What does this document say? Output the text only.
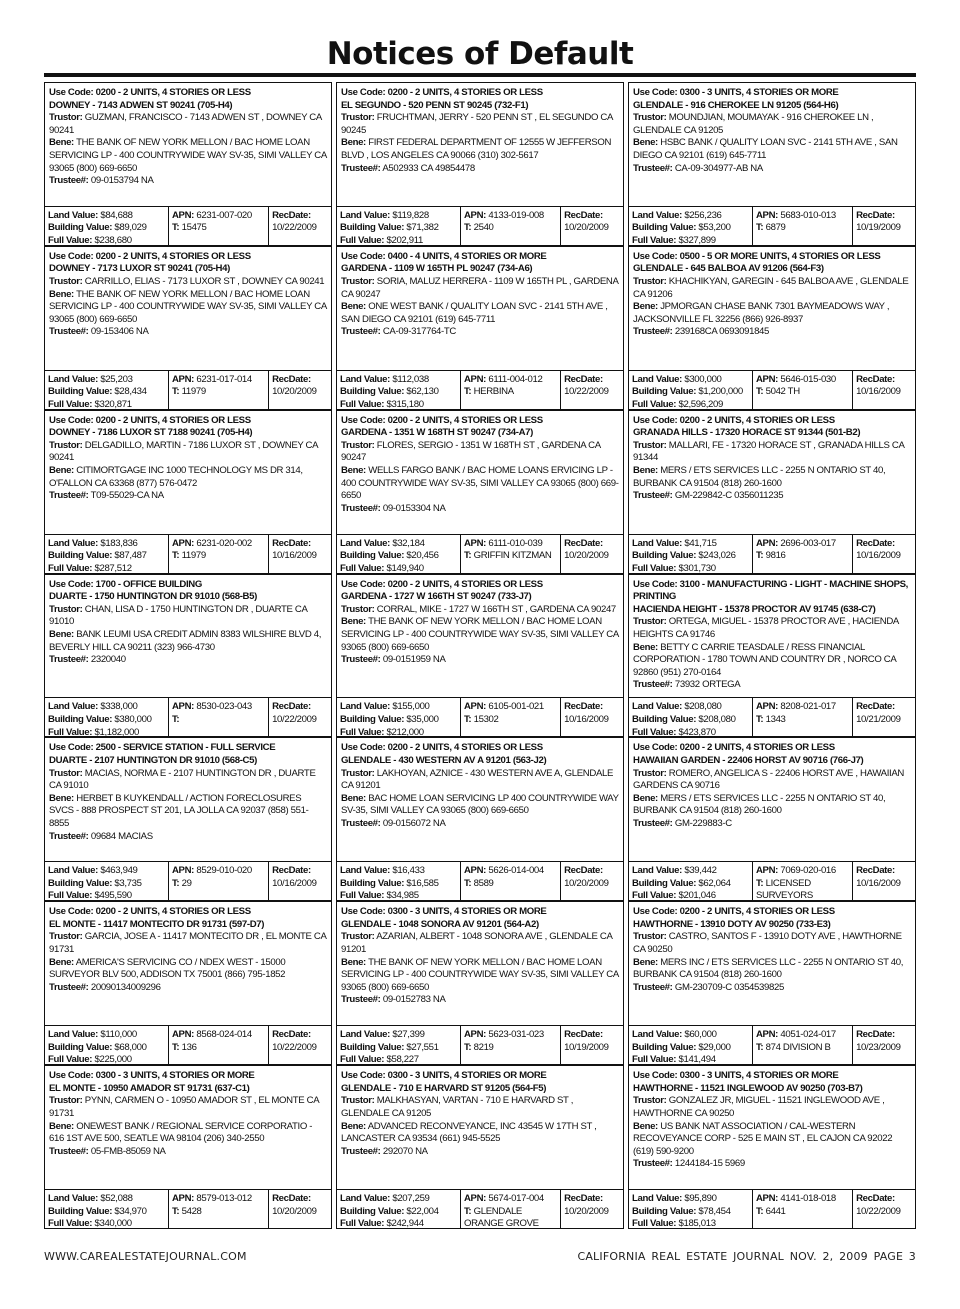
Notices of Default
Use Code: 0200 - 2 UNITS, 4 STORIES OR LESS
DOWNEY - 7143 ADWEN ST 90241 (705-H4)
Trustor: GUZMAN, FRANCISCO - 7143 ADWEN ST , DOWNEY CA 90241
Bene: THE BANK OF NEW YORK MELLON / BAC HOME LOAN SERVICING LP - 400 COUNTRYWIDE WAY SV-35, SIMI VALLEY CA 93065 (800) 669-6650
Trustee#: 09-0153794 NA
Land Value: $84,688
Building Value: $89,029
Full Value: $238,680
APN: 6231-007-020
T: 15475
RecDate:
10/22/2009
Use Code: 0200 - 2 UNITS, 4 STORIES OR LESS
EL SEGUNDO - 520 PENN ST 90245 (732-F1)
Trustor: FRUCHTMAN, JERRY - 520 PENN ST , EL SEGUNDO CA 90245
Bene: FIRST FEDERAL DEPARTMENT OF 12555 W JEFFERSON BLVD , LOS ANGELES CA 90066 (310) 302-5617
Trustee#: A502933 CA 49854478
Land Value: $119,828
Building Value: $71,382
Full Value: $202,911
APN: 4133-019-008
T: 2540
RecDate:
10/20/2009
Use Code: 0300 - 3 UNITS, 4 STORIES OR MORE
GLENDALE - 916 CHEROKEE LN 91205 (564-H6)
Trustor: MOUNDJIAN, MOUMAYAK - 916 CHEROKEE LN , GLENDALE CA 91205
Bene: HSBC BANK / QUALITY LOAN SVC - 2141 5TH AVE , SAN DIEGO CA 92101 (619) 645-7711
Trustee#: CA-09-304977-AB NA
Land Value: $256,236
Building Value: $53,200
Full Value: $327,899
APN: 5683-010-013
T: 6879
RecDate:
10/19/2009
Use Code: 0200 - 2 UNITS, 4 STORIES OR LESS
DOWNEY - 7173 LUXOR ST 90241 (705-H4)
Trustor: CARRILLO, ELIAS - 7173 LUXOR ST , DOWNEY CA 90241
Bene: THE BANK OF NEW YORK MELLON / BAC HOME LOAN SERVICING LP - 400 COUNTRYWIDE WAY SV-35, SIMI VALLEY CA 93065 (800) 669-6650
Trustee#: 09-153406 NA
Land Value: $25,203
Building Value: $28,434
Full Value: $320,871
APN: 6231-017-014
T: 11979
RecDate:
10/20/2009
Use Code: 0400 - 4 UNITS, 4 STORIES OR MORE
GARDENA - 1109 W 165TH PL 90247 (734-A6)
Trustor: SORIA, MALUZ HERRERA - 1109 W 165TH PL , GARDENA CA 90247
Bene: ONE WEST BANK / QUALITY LOAN SVC - 2141 5TH AVE , SAN DIEGO CA 92101 (619) 645-7711
Trustee#: CA-09-317764-TC
Land Value: $112,038
Building Value: $62,130
Full Value: $315,180
APN: 6111-004-012
T: HERBINA
RecDate:
10/22/2009
Use Code: 0500 - 5 OR MORE UNITS, 4 STORIES OR LESS
GLENDALE - 645 BALBOA AV 91206 (564-F3)
Trustor: KHACHIKYAN, GAREGIN - 645 BALBOA AVE , GLENDALE CA 91206
Bene: JPMORGAN CHASE BANK 7301 BAYMEADOWS WAY , JACKSONVILLE FL 32256 (866) 926-8937
Trustee#: 239168CA 0693091845
Land Value: $300,000
Building Value: $1,200,000
Full Value: $2,596,209
APN: 5646-015-030
T: 5042 TH
RecDate:
10/16/2009
Use Code: 0200 - 2 UNITS, 4 STORIES OR LESS
DOWNEY - 7186 LUXOR ST 7188 90241 (705-H4)
Trustor: DELGADILLO, MARTIN - 7186 LUXOR ST , DOWNEY CA 90241
Bene: CITIMORTGAGE INC 1000 TECHNOLOGY MS DR 314, O'FALLON CA 63368 (877) 576-0472
Trustee#: T09-55029-CA NA
Land Value: $183,836
Building Value: $87,487
Full Value: $287,512
APN: 6231-020-002
T: 11979
RecDate:
10/16/2009
Use Code: 0200 - 2 UNITS, 4 STORIES OR LESS
GARDENA - 1351 W 168TH ST 90247 (734-A7)
Trustor: FLORES, SERGIO - 1351 W 168TH ST , GARDENA CA 90247
Bene: WELLS FARGO BANK / BAC HOME LOANS ERVICING LP - 400 COUNTRYWIDE WAY SV-35, SIMI VALLEY CA 93065 (800) 669-6650
Trustee#: 09-0153304 NA
Land Value: $32,184
Building Value: $20,456
Full Value: $149,940
APN: 6111-010-039
T: GRIFFIN KITZMAN
RecDate:
10/20/2009
Use Code: 0200 - 2 UNITS, 4 STORIES OR LESS
GRANADA HILLS - 17320 HORACE ST 91344 (501-B2)
Trustor: MALLARI, FE - 17320 HORACE ST , GRANADA HILLS CA 91344
Bene: MERS / ETS SERVICES LLC - 2255 N ONTARIO ST 40, BURBANK CA 91504 (818) 260-1600
Trustee#: GM-229842-C 0356011235
Land Value: $41,715
Building Value: $243,026
Full Value: $301,730
APN: 2696-003-017
T: 9816
RecDate:
10/16/2009
Use Code: 1700 - OFFICE BUILDING
DUARTE - 1750 HUNTINGTON DR 91010 (568-B5)
Trustor: CHAN, LISA D - 1750 HUNTINGTON DR , DUARTE CA 91010
Bene: BANK LEUMI USA CREDIT ADMIN 8383 WILSHIRE BLVD 4, BEVERLY HILL CA 90211 (323) 966-4730
Trustee#: 2320040
Land Value: $338,000
Building Value: $380,000
Full Value: $1,182,000
APN: 8530-023-043
T:
RecDate:
10/22/2009
Use Code: 0200 - 2 UNITS, 4 STORIES OR LESS
GARDENA - 1727 W 166TH ST 90247 (733-J7)
Trustor: CORRAL, MIKE - 1727 W 166TH ST , GARDENA CA 90247
Bene: THE BANK OF NEW YORK MELLON / BAC HOME LOAN SERVICING LP - 400 COUNTRYWIDE WAY SV-35, SIMI VALLEY CA 93065 (800) 669-6650
Trustee#: 09-0151959 NA
Land Value: $155,000
Building Value: $35,000
Full Value: $212,000
APN: 6105-001-021
T: 15302
RecDate:
10/16/2009
Use Code: 3100 - MANUFACTURING - LIGHT - MACHINE SHOPS, PRINTING
HACIENDA HEIGHT - 15378 PROCTOR AV 91745 (638-C7)
Trustor: ORTEGA, MIGUEL - 15378 PROCTOR AVE , HACIENDA HEIGHTS CA 91746
Bene: BETTY C CARRIE TEASDALE / RESS FINANCIAL CORPORATION - 1780 TOWN AND COUNTRY DR , NORCO CA 92860 (951) 270-0164
Trustee#: 73932 ORTEGA
Land Value: $208,080
Building Value: $208,080
Full Value: $423,870
APN: 8208-021-017
T: 1343
RecDate:
10/21/2009
Use Code: 2500 - SERVICE STATION - FULL SERVICE
DUARTE - 2107 HUNTINGTON DR 91010 (568-C5)
Trustor: MACIAS, NORMA E - 2107 HUNTINGTON DR , DUARTE CA 91010
Bene: HERBET B KUYKENDALL / ACTION FORECLOSURES SVCS - 888 PROSPECT ST 201, LA JOLLA CA 92037 (858) 551-8855
Trustee#: 09684 MACIAS
Land Value: $463,949
Building Value: $3,735
Full Value: $495,590
APN: 8529-010-020
T: 29
RecDate:
10/16/2009
Use Code: 0200 - 2 UNITS, 4 STORIES OR LESS
GLENDALE - 430 WESTERN AV A 91201 (563-J2)
Trustor: LAKHOYAN, AZNICE - 430 WESTERN AVE A, GLENDALE CA 91201
Bene: BAC HOME LOAN SERVICING LP 400 COUNTRYWIDE WAY SV-35, SIMI VALLEY CA 93065 (800) 669-6650
Trustee#: 09-0156072 NA
Land Value: $16,433
Building Value: $16,585
Full Value: $34,985
APN: 5626-014-004
T: 8589
RecDate:
10/20/2009
Use Code: 0200 - 2 UNITS, 4 STORIES OR LESS
HAWAIIAN GARDEN - 22406 HORST AV 90716 (766-J7)
Trustor: ROMERO, ANGELICA S - 22406 HORST AVE , HAWAIIAN GARDENS CA 90716
Bene: MERS / ETS SERVICES LLC - 2255 N ONTARIO ST 40, BURBANK CA 91504 (818) 260-1600
Trustee#: GM-229883-C
Land Value: $39,442
Building Value: $62,064
Full Value: $201,046
APN: 7069-020-016
T: LICENSED SURVEYORS
RecDate:
10/16/2009
Use Code: 0200 - 2 UNITS, 4 STORIES OR LESS
EL MONTE - 11417 MONTECITO DR 91731 (597-D7)
Trustor: GARCIA, JOSE A - 11417 MONTECITO DR , EL MONTE CA 91731
Bene: AMERICA'S SERVICING CO / NDEX WEST - 15000 SURVEYOR BLV 500, ADDISON TX 75001 (866) 795-1852
Trustee#: 20090134009296
Land Value: $110,000
Building Value: $68,000
Full Value: $225,000
APN: 8568-024-014
T: 136
RecDate:
10/22/2009
Use Code: 0300 - 3 UNITS, 4 STORIES OR MORE
GLENDALE - 1048 SONORA AV 91201 (564-A2)
Trustor: AZARIAN, ALBERT - 1048 SONORA AVE , GLENDALE CA 91201
Bene: THE BANK OF NEW YORK MELLON / BAC HOME LOAN SERVICING LP - 400 COUNTRYWIDE WAY SV-35, SIMI VALLEY CA 93065 (800) 669-6650
Trustee#: 09-0152783 NA
Land Value: $27,399
Building Value: $27,551
Full Value: $58,227
APN: 5623-031-023
T: 8219
RecDate:
10/19/2009
Use Code: 0200 - 2 UNITS, 4 STORIES OR LESS
HAWTHORNE - 13910 DOTY AV 90250 (733-E3)
Trustor: CASTRO, SANTOS F - 13910 DOTY AVE , HAWTHORNE CA 90250
Bene: MERS INC / ETS SERVICES LLC - 2255 N ONTARIO ST 40, BURBANK CA 91504 (818) 260-1600
Trustee#: GM-230709-C 0354539825
Land Value: $60,000
Building Value: $29,000
Full Value: $141,494
APN: 4051-024-017
T: 874 DIVISION B
RecDate:
10/23/2009
Use Code: 0300 - 3 UNITS, 4 STORIES OR MORE
EL MONTE - 10950 AMADOR ST 91731 (637-C1)
Trustor: PYNN, CARMEN O - 10950 AMADOR ST , EL MONTE CA 91731
Bene: ONEWEST BANK / REGIONAL SERVICE CORPORATIO - 616 1ST AVE 500, SEATLE WA 98104 (206) 340-2550
Trustee#: 05-FMB-85059 NA
Land Value: $52,088
Building Value: $34,970
Full Value: $340,000
APN: 8579-013-012
T: 5428
RecDate:
10/20/2009
Use Code: 0300 - 3 UNITS, 4 STORIES OR MORE
GLENDALE - 710 E HARVARD ST 91205 (564-F5)
Trustor: MALKHASYAN, VARTAN - 710 E HARVARD ST , GLENDALE CA 91205
Bene: ADVANCED RECONVEYANCE, INC 43545 W 17TH ST , LANCASTER CA 93534 (661) 945-5525
Trustee#: 292070 NA
Land Value: $207,259
Building Value: $22,004
Full Value: $242,944
APN: 5674-017-004
T: GLENDALE ORANGE GROVE
RecDate:
10/20/2009
Use Code: 0300 - 3 UNITS, 4 STORIES OR MORE
HAWTHORNE - 11521 INGLEWOOD AV 90250 (703-B7)
Trustor: GONZALEZ JR, MIGUEL - 11521 INGLEWOOD AVE , HAWTHORNE CA 90250
Bene: US BANK NAT ASSOCIATION / CAL-WESTERN RECOVEYANCE CORP - 525 E MAIN ST , EL CAJON CA 92022 (619) 590-9200
Trustee#: 1244184-15 5969
Land Value: $95,890
Building Value: $78,454
Full Value: $185,013
APN: 4141-018-018
T: 6441
RecDate:
10/22/2009
WWW.CAREALESTATEJOURNAL.COM	CALIFORNIA REAL ESTATE JOURNAL NOV. 2, 2009 PAGE 3
